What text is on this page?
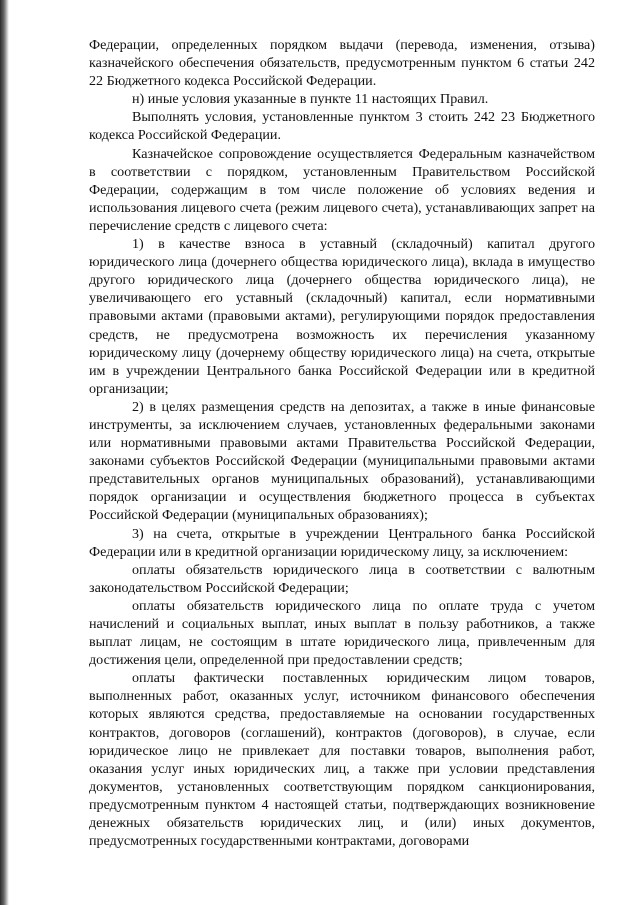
Федерации, определенных порядком выдачи (перевода, изменения, отзыва) казначейского обеспечения обязательств, предусмотренным пунктом 6 статьи 242 22 Бюджетного кодекса Российской Федерации.

н) иные условия указанные в пункте 11 настоящих Правил.

Выполнять условия, установленные пунктом 3 стоить 242 23 Бюджетного кодекса Российской Федерации.

Казначейское сопровождение осуществляется Федеральным казначейством в соответствии с порядком, установленным Правительством Российской Федерации, содержащим в том числе положение об условиях ведения и использования лицевого счета (режим лицевого счета), устанавливающих запрет на перечисление средств с лицевого счета:

1) в качестве взноса в уставный (складочный) капитал другого юридического лица (дочернего общества юридического лица), вклада в имущество другого юридического лица (дочернего общества юридического лица), не увеличивающего его уставный (складочный) капитал, если нормативными правовыми актами (правовыми актами), регулирующими порядок предоставления средств, не предусмотрена возможность их перечисления указанному юридическому лицу (дочернему обществу юридического лица) на счета, открытые им в учреждении Центрального банка Российской Федерации или в кредитной организации;

2) в целях размещения средств на депозитах, а также в иные финансовые инструменты, за исключением случаев, установленных федеральными законами или нормативными правовыми актами Правительства Российской Федерации, законами субъектов Российской Федерации (муниципальными правовыми актами представительных органов муниципальных образований), устанавливающими порядок организации и осуществления бюджетного процесса в субъектах Российской Федерации (муниципальных образованиях);

3) на счета, открытые в учреждении Центрального банка Российской Федерации или в кредитной организации юридическому лицу, за исключением:

оплаты обязательств юридического лица в соответствии с валютным законодательством Российской Федерации;

оплаты обязательств юридического лица по оплате труда с учетом начислений и социальных выплат, иных выплат в пользу работников, а также выплат лицам, не состоящим в штате юридического лица, привлеченным для достижения цели, определенной при предоставлении средств;

оплаты фактически поставленных юридическим лицом товаров, выполненных работ, оказанных услуг, источником финансового обеспечения которых являются средства, предоставляемые на основании государственных контрактов, договоров (соглашений), контрактов (договоров), в случае, если юридическое лицо не привлекает для поставки товаров, выполнения работ, оказания услуг иных юридических лиц, а также при условии представления документов, установленных соответствующим порядком санкционирования, предусмотренным пунктом 4 настоящей статьи, подтверждающих возникновение денежных обязательств юридических лиц, и (или) иных документов, предусмотренных государственными контрактами, договорами
